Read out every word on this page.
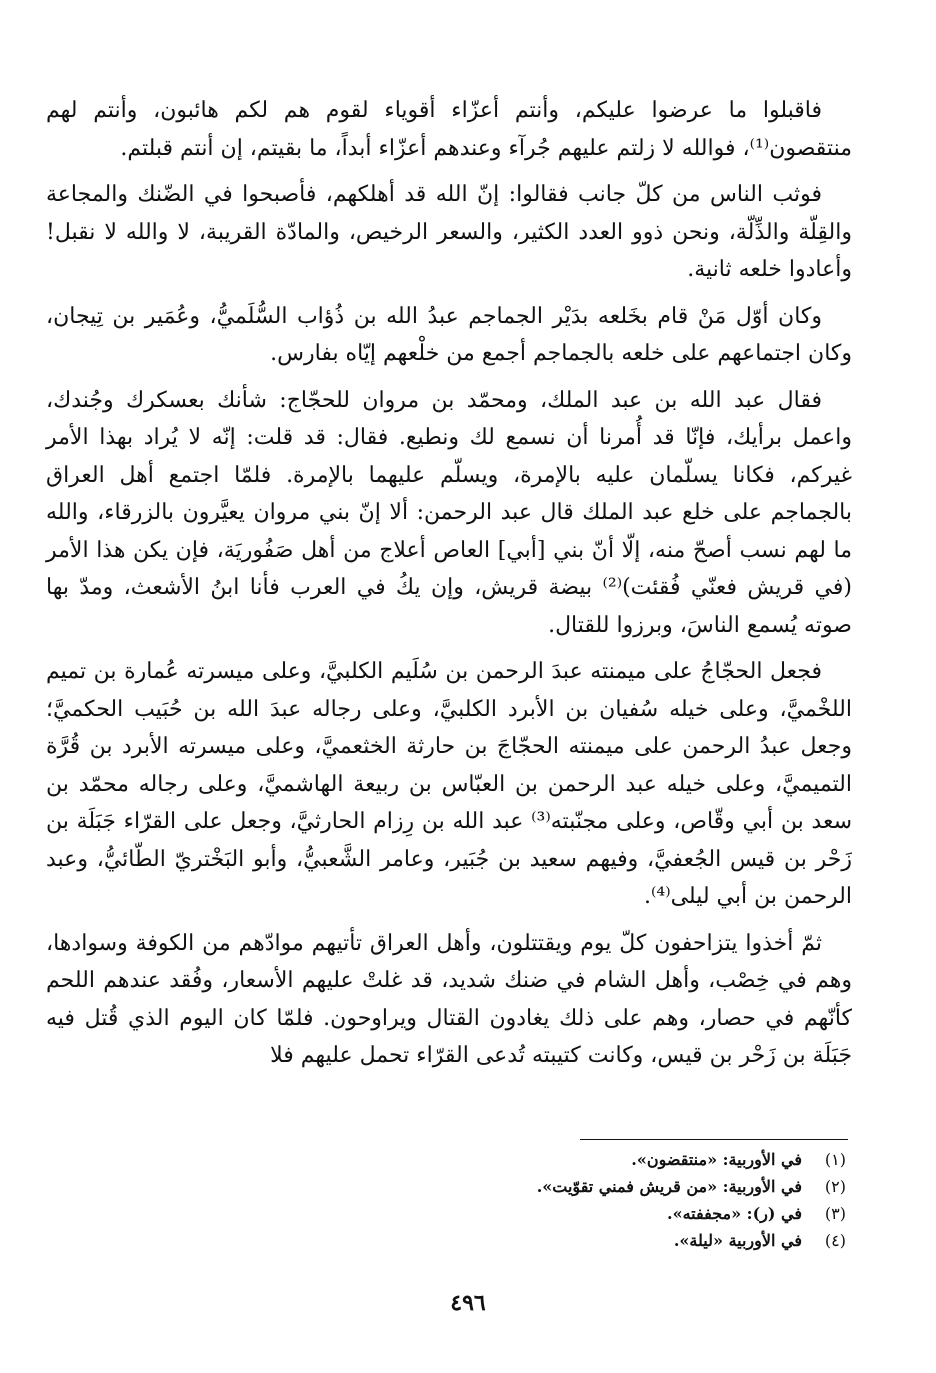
فاقبلوا ما عرضوا عليكم، وأنتم أعزّاء أقوياء لقوم هم لكم هائبون، وأنتم لهم منتقصون⁽¹⁾، فوالله لا زلتم عليهم جُرآء وعندهم أعزّاء أبداً، ما بقيتم، إن أنتم قبلتم.

فوثب الناس من كلّ جانب فقالوا: إنّ الله قد أهلكهم، فأصبحوا في الضّنك والمجاعة والقِلّة والذِّلّة، ونحن ذوو العدد الكثير، والسعر الرخيص، والمادّة القريبة، لا والله لا نقبل! وأعادوا خلعه ثانية.

وكان أوّل مَنْ قام بخَلعه بدَيْر الجماجم عبدُ الله بن ذُؤاب السُّلَميُّ، وعُمَير بن تِيجان، وكان اجتماعهم على خلعه بالجماجم أجمع من خلْعهم إيّاه بفارس.

فقال عبد الله بن عبد الملك، ومحمّد بن مروان للحجّاج: شأنك بعسكرك وجُندك، واعمل برأيك، فإنّا قد أُمرنا أن نسمع لك ونطيع. فقال: قد قلت: إنّه لا يُراد بهذا الأمر غيركم، فكانا يسلّمان عليه بالإمرة، ويسلّم عليهما بالإمرة. فلمّا اجتمع أهل العراق بالجماجم على خلع عبد الملك قال عبد الرحمن: ألا إنّ بني مروان يعيَّرون بالزرقاء، والله ما لهم نسب أصحّ منه، إلّا أنّ بني [أبي] العاص أعلاج من أهل صَفُوريَة، فإن يكن هذا الأمر (في قريش فعنّي فُقئت)⁽²⁾ بيضة قريش، وإن يكُ في العرب فأنا ابنُ الأشعث، ومدّ بها صوته يُسمع الناسَ، وبرزوا للقتال.

فجعل الحجّاجُ على ميمنته عبدَ الرحمن بن سُلَيم الكلبيَّ، وعلى ميسرته عُمارة بن تميم اللخْميَّ، وعلى خيله سُفيان بن الأبرد الكلبيَّ، وعلى رجاله عبدَ الله بن حُبَيب الحكميَّ؛ وجعل عبدُ الرحمن على ميمنته الحجّاجَ بن حارثة الخثعميَّ، وعلى ميسرته الأبرد بن قُرَّة التميميَّ، وعلى خيله عبد الرحمن بن العبّاس بن ربيعة الهاشميَّ، وعلى رجاله محمّد بن سعد بن أبي وقّاص، وعلى مجنّبته⁽³⁾ عبد الله بن رِزام الحارثيَّ، وجعل على القرّاء جَبَلَة بن زَحْر بن قيس الجُعفيَّ، وفيهم سعيد بن جُبَير، وعامر الشَّعبيُّ، وأبو البَخْتريّ الطّائيُّ، وعبد الرحمن بن أبي ليلى⁽⁴⁾.

ثمّ أخذوا يتزاحفون كلّ يوم ويقتتلون، وأهل العراق تأتيهم موادّهم من الكوفة وسوادها، وهم في خِصْب، وأهل الشام في ضنك شديد، قد غلتْ عليهم الأسعار، وفُقد عندهم اللحم كأنّهم في حصار، وهم على ذلك يغادون القتال ويراوحون. فلمّا كان اليوم الذي قُتل فيه جَبَلَة بن زَحْر بن قيس، وكانت كتيبته تُدعى القرّاء تحمل عليهم فلا

(١)
في الأوربية: «منتقضون».
(٢)
في الأوربية: «من قريش فمني تقوّيت».
(٣)
في (ر): «مجففته».
(٤)
في الأوربية «ليلة».
٤٩٦
